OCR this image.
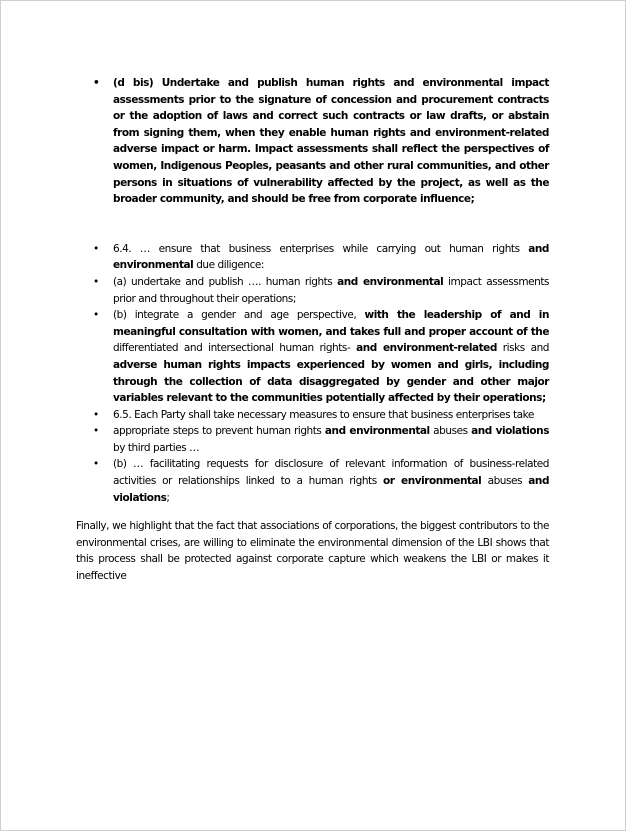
• (d bis) Undertake and publish human rights and environmental impact assessments prior to the signature of concession and procurement contracts or the adoption of laws and correct such contracts or law drafts, or abstain from signing them, when they enable human rights and environment-related adverse impact or harm. Impact assessments shall reflect the perspectives of women, Indigenous Peoples, peasants and other rural communities, and other persons in situations of vulnerability affected by the project, as well as the broader community, and should be free from corporate influence;
• 6.4. … ensure that business enterprises while carrying out human rights and environmental due diligence:
• (a) undertake and publish …. human rights and environmental impact assessments prior and throughout their operations;
• (b) integrate a gender and age perspective, with the leadership of and in meaningful consultation with women, and takes full and proper account of the differentiated and intersectional human rights- and environment-related risks and adverse human rights impacts experienced by women and girls, including through the collection of data disaggregated by gender and other major variables relevant to the communities potentially affected by their operations;
• 6.5. Each Party shall take necessary measures to ensure that business enterprises take
• appropriate steps to prevent human rights and environmental abuses and violations by third parties …
• (b) … facilitating requests for disclosure of relevant information of business-related activities or relationships linked to a human rights or environmental abuses and violations;

Finally, we highlight that the fact that associations of corporations, the biggest contributors to the environmental crises, are willing to eliminate the environmental dimension of the LBI shows that this process shall be protected against corporate capture which weakens the LBI or makes it ineffective
